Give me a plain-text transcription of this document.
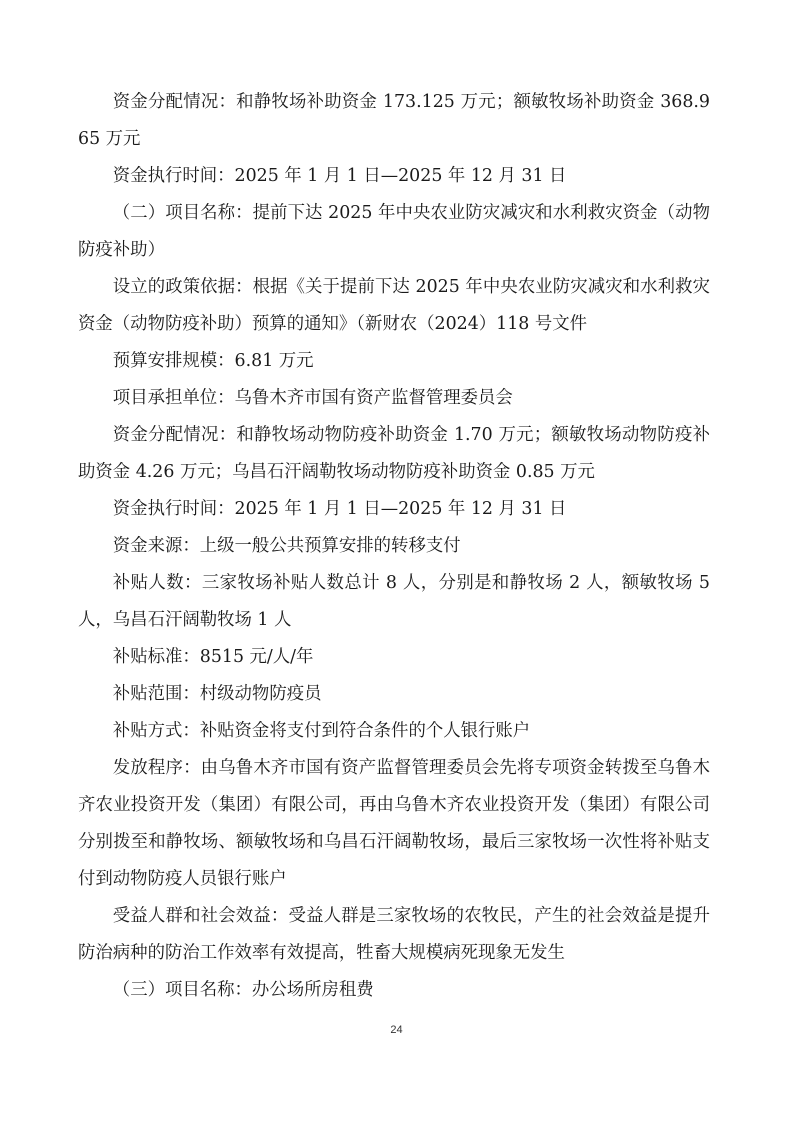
资金分配情况：和静牧场补助资金 173.125 万元；额敏牧场补助资金 368.965 万元

资金执行时间：2025 年 1 月 1 日—2025 年 12 月 31 日

（二）项目名称：提前下达 2025 年中央农业防灾减灾和水利救灾资金（动物防疫补助）

设立的政策依据：根据《关于提前下达 2025 年中央农业防灾减灾和水利救灾资金（动物防疫补助）预算的通知》（新财农（2024）118 号文件

预算安排规模：6.81 万元

项目承担单位：乌鲁木齐市国有资产监督管理委员会

资金分配情况：和静牧场动物防疫补助资金 1.70 万元；额敏牧场动物防疫补助资金 4.26 万元；乌昌石汗阔勒牧场动物防疫补助资金 0.85 万元

资金执行时间：2025 年 1 月 1 日—2025 年 12 月 31 日

资金来源：上级一般公共预算安排的转移支付

补贴人数：三家牧场补贴人数总计 8 人，分别是和静牧场 2 人，额敏牧场 5 人，乌昌石汗阔勒牧场 1 人

补贴标准：8515 元/人/年

补贴范围：村级动物防疫员

补贴方式：补贴资金将支付到符合条件的个人银行账户

发放程序：由乌鲁木齐市国有资产监督管理委员会先将专项资金转拨至乌鲁木齐农业投资开发（集团）有限公司，再由乌鲁木齐农业投资开发（集团）有限公司分别拨至和静牧场、额敏牧场和乌昌石汗阔勒牧场，最后三家牧场一次性将补贴支付到动物防疫人员银行账户

受益人群和社会效益：受益人群是三家牧场的农牧民，产生的社会效益是提升防治病种的防治工作效率有效提高，牲畜大规模病死现象无发生

（三）项目名称：办公场所房租费

24
